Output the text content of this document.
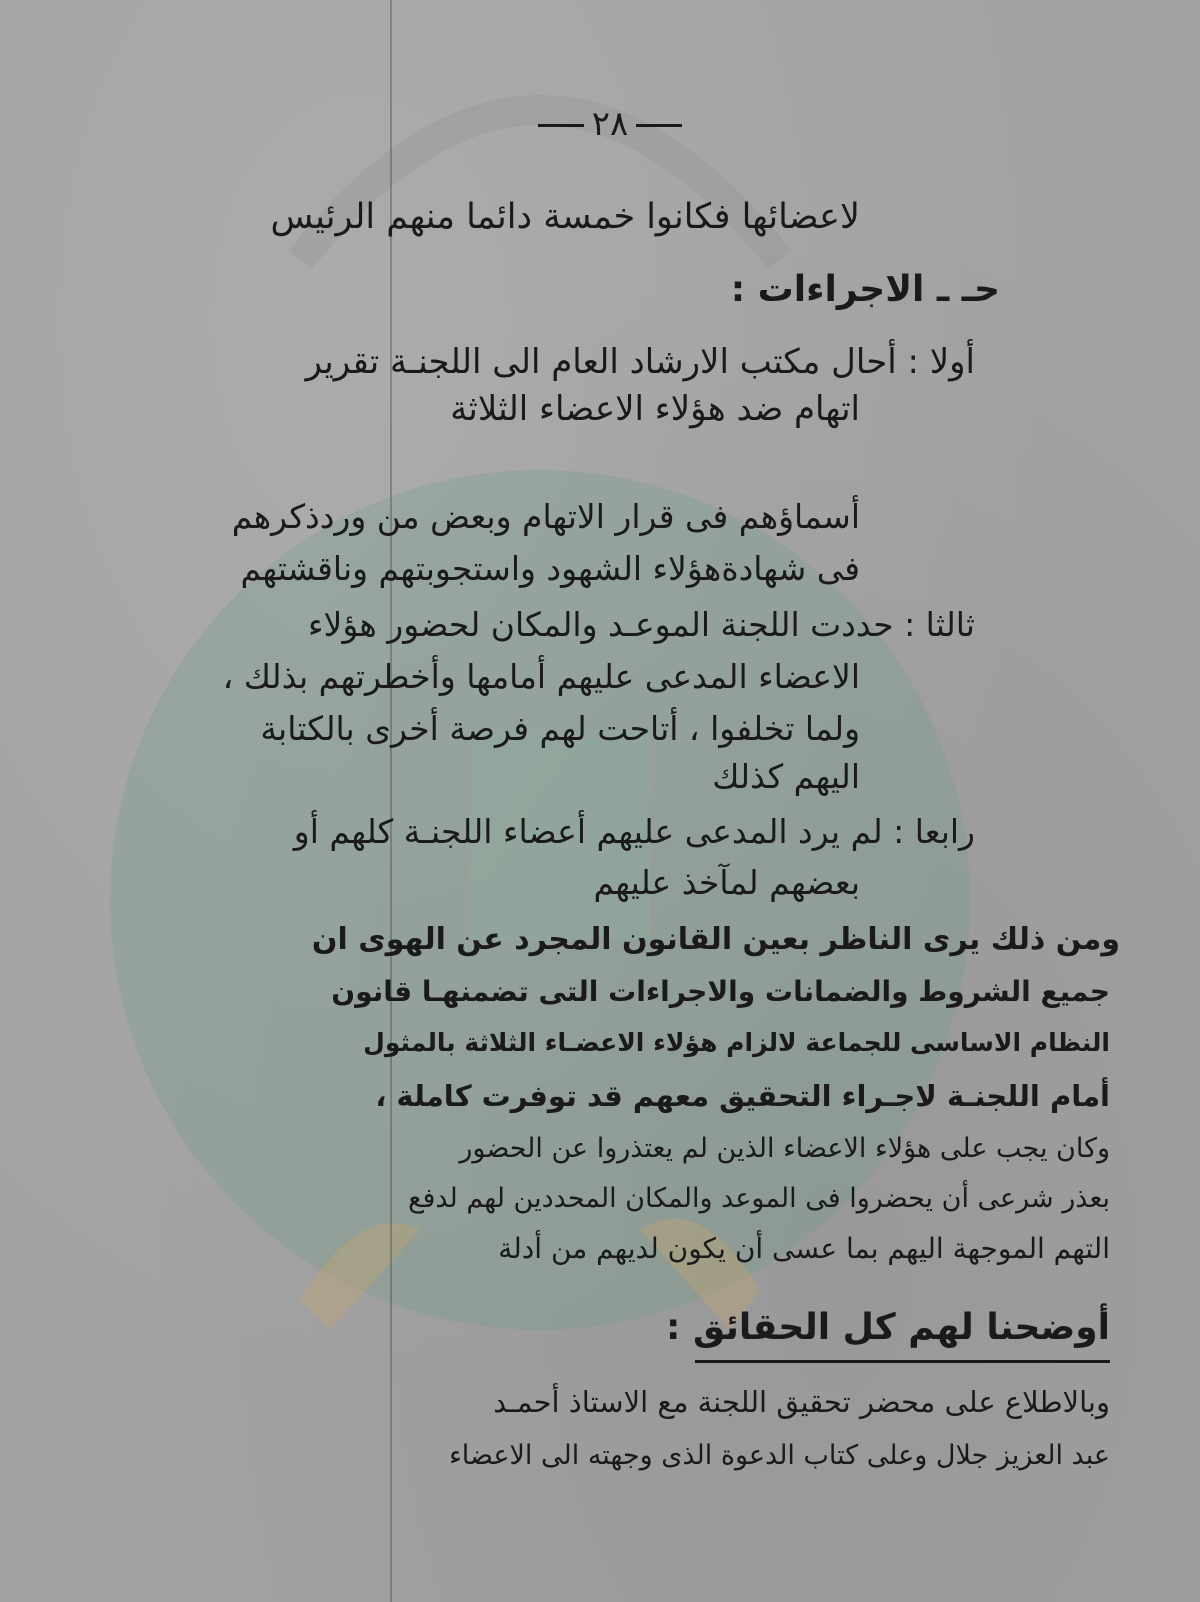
٢٨
لاعضائها فكانوا خمسة دائما منهم الرئيس
حـ ـ الاجراءات :
أولا : أحال مكتب الارشاد العام الى اللجنـة تقرير
اتهام ضد هؤلاء الاعضاء الثلاثة
أسماؤهم فى قرار الاتهام وبعض من وردذكرهم
فى شهادةهؤلاء الشهود واستجوبتهم وناقشتهم
ثالثا : حددت اللجنة الموعـد والمكان لحضور هؤلاء
الاعضاء المدعى عليهم أمامها وأخطرتهم بذلك ،
ولما تخلفوا ، أتاحت لهم فرصة أخرى بالكتابة
اليهم كذلك
رابعا : لم يرد المدعى عليهم أعضاء اللجنـة كلهم أو
بعضهم لمآخذ عليهم
ومن ذلك يرى الناظر بعين القانون المجرد عن الهوى ان
جميع الشروط والضمانات والاجراءات التى تضمنهـا قانون
النظام الاساسى للجماعة لالزام هؤلاء الاعضـاء الثلاثة بالمثول
أمام اللجنـة لاجـراء التحقيق معهم قد توفرت كاملة ،
وكان يجب على هؤلاء الاعضاء الذين لم يعتذروا عن الحضور
بعذر شرعى أن يحضروا فى الموعد والمكان المحددين لهم لدفع
التهم الموجهة اليهم بما عسى أن يكون لديهم من أدلة
أوضحنا لهم كل الحقائق :
وبالاطلاع على محضر تحقيق اللجنة مع الاستاذ أحمـد
عبد العزيز جلال وعلى كتاب الدعوة الذى وجهته الى الاعضاء
